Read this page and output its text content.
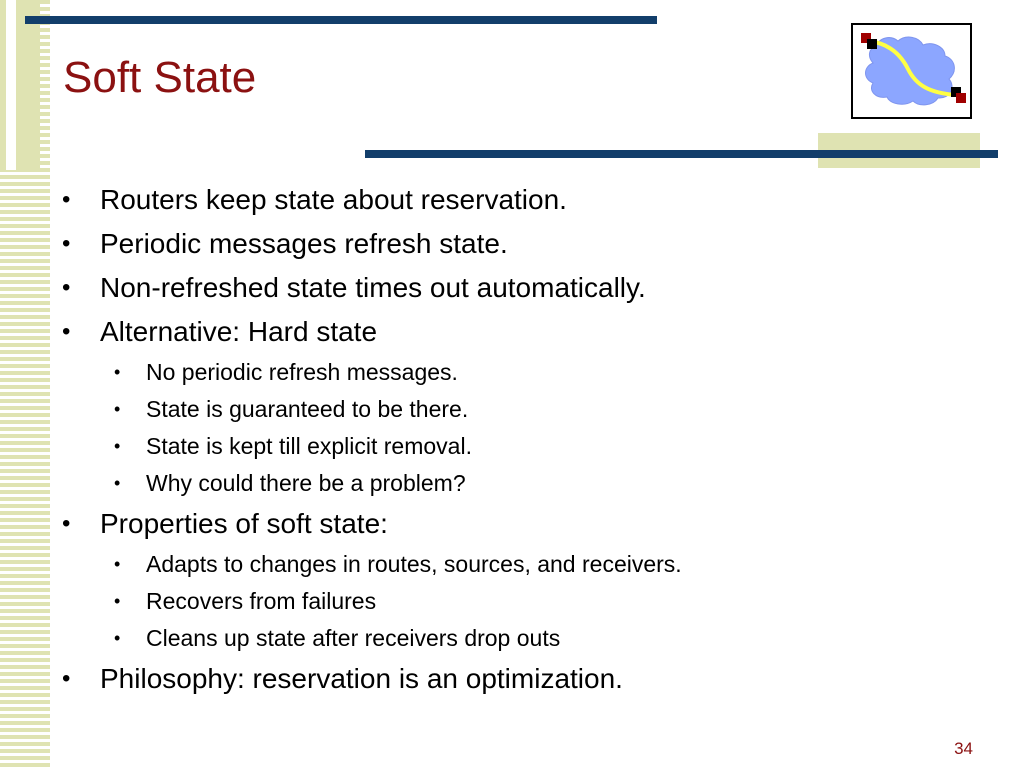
Soft State
• Routers keep state about reservation.
• Periodic messages refresh state.
• Non-refreshed state times out automatically.
• Alternative: Hard state
• No periodic refresh messages.
• State is guaranteed to be there.
• State is kept till explicit removal.
• Why could there be a problem?
• Properties of soft state:
• Adapts to changes in routes, sources, and receivers.
• Recovers from failures
• Cleans up state after receivers drop outs
• Philosophy: reservation is an optimization.
34
